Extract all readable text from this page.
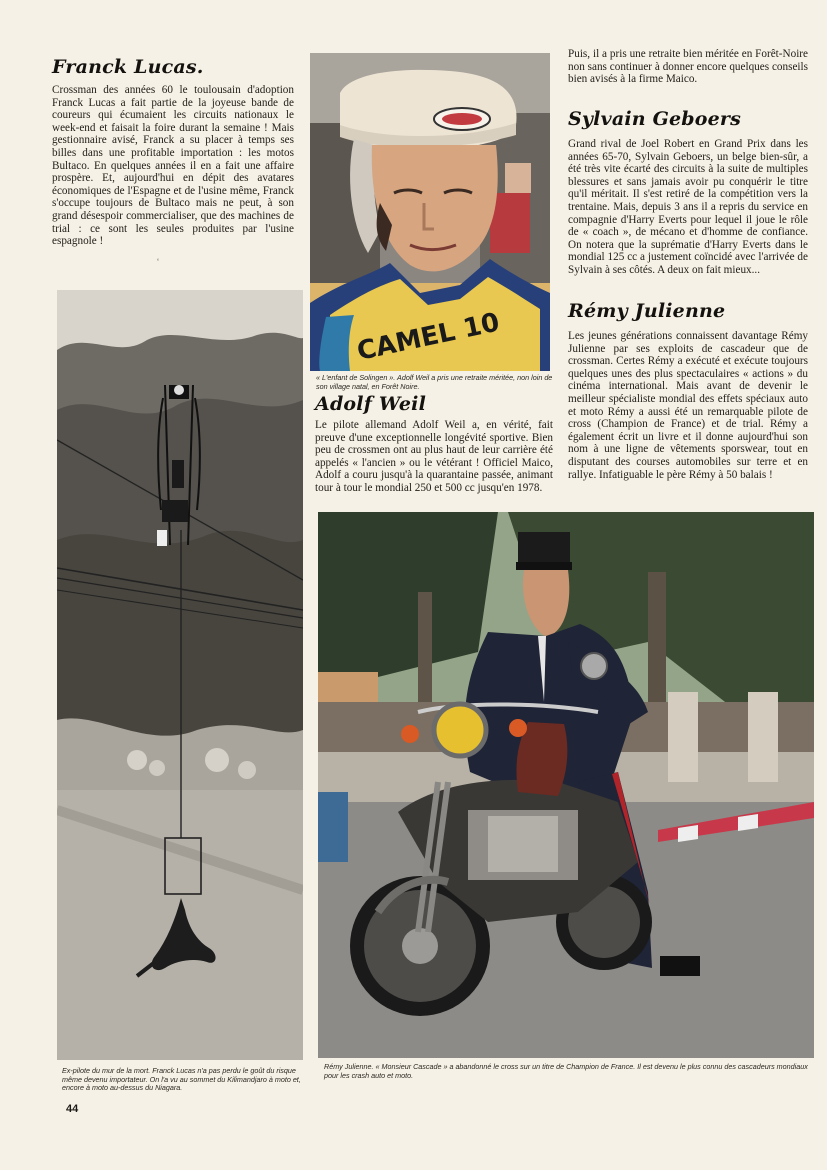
Franck Lucas.

Crossman des années 60 le toulousain d'adoption Franck Lucas a fait partie de la joyeuse bande de coureurs qui écumaient les circuits nationaux le week-end et faisait la foire durant la semaine ! Mais gestionnaire avisé, Franck a su placer à temps ses billes dans une profitable importation : les motos Bultaco. En quelques années il en a fait une affaire prospère. Et, aujourd'hui en dépit des avatares économiques de l'Espagne et de l'usine même, Franck s'occupe toujours de Bultaco mais ne peut, à son grand désespoir commercialiser, que des machines de trial : ce sont les seules produites par l'usine espagnole !

‘

Ex-pilote du mur de la mort. Franck Lucas n'a pas perdu le goût du risque même devenu importateur. On l'a vu au sommet du Kilimandjaro à moto et, encore à moto au-dessus du Niagara.

CAMEL 10

« L'enfant de Solingen ». Adolf Weil a pris une retraite méritée, non loin de son village natal, en Forêt Noire.

Adolf Weil

Le pilote allemand Adolf Weil a, en vérité, fait preuve d'une exceptionnelle longévité sportive. Bien peu de crossmen ont au plus haut de leur carrière été appelés « l'ancien » ou le vétérant ! Officiel Maico, Adolf a couru jusqu'à la quarantaine passée, animant tour à tour le mondial 250 et 500 cc jusqu'en 1978.

Puis, il a pris une retraite bien méritée en Forêt-Noire non sans continuer à donner encore quelques conseils bien avisés à la firme Maico.

Sylvain Geboers

Grand rival de Joel Robert en Grand Prix dans les années 65-70, Sylvain Geboers, un belge bien-sûr, a été très vite écarté des circuits à la suite de multiples blessures et sans jamais avoir pu conquérir le titre qu'il méritait. Il s'est retiré de la compétition vers la trentaine. Mais, depuis 3 ans il a repris du service en compagnie d'Harry Everts pour lequel il joue le rôle de « coach », de mécano et d'homme de confiance. On notera que la suprématie d'Harry Everts dans le mondial 125 cc a justement coïncidé avec l'arrivée de Sylvain à ses côtés. A deux on fait mieux...

Rémy Julienne

Les jeunes générations connaissent davantage Rémy Julienne par ses exploits de cascadeur que de crossman. Certes Rémy a exécuté et exécute toujours quelques unes des plus spectaculaires « actions » du cinéma international. Mais avant de devenir le meilleur spécialiste mondial des effets spéciaux auto et moto Rémy a aussi été un remarquable pilote de cross (Champion de France) et de trial. Rémy a également écrit un livre et il donne aujourd'hui son nom à une ligne de vêtements sporswear, tout en disputant des courses automobiles sur terre et en rallye. Infatiguable le père Rémy à 50 balais !

Rémy Julienne. « Monsieur Cascade » a abandonné le cross sur un titre de Champion de France. Il est devenu le plus connu des cascadeurs mondiaux pour les crash auto et moto.

44
